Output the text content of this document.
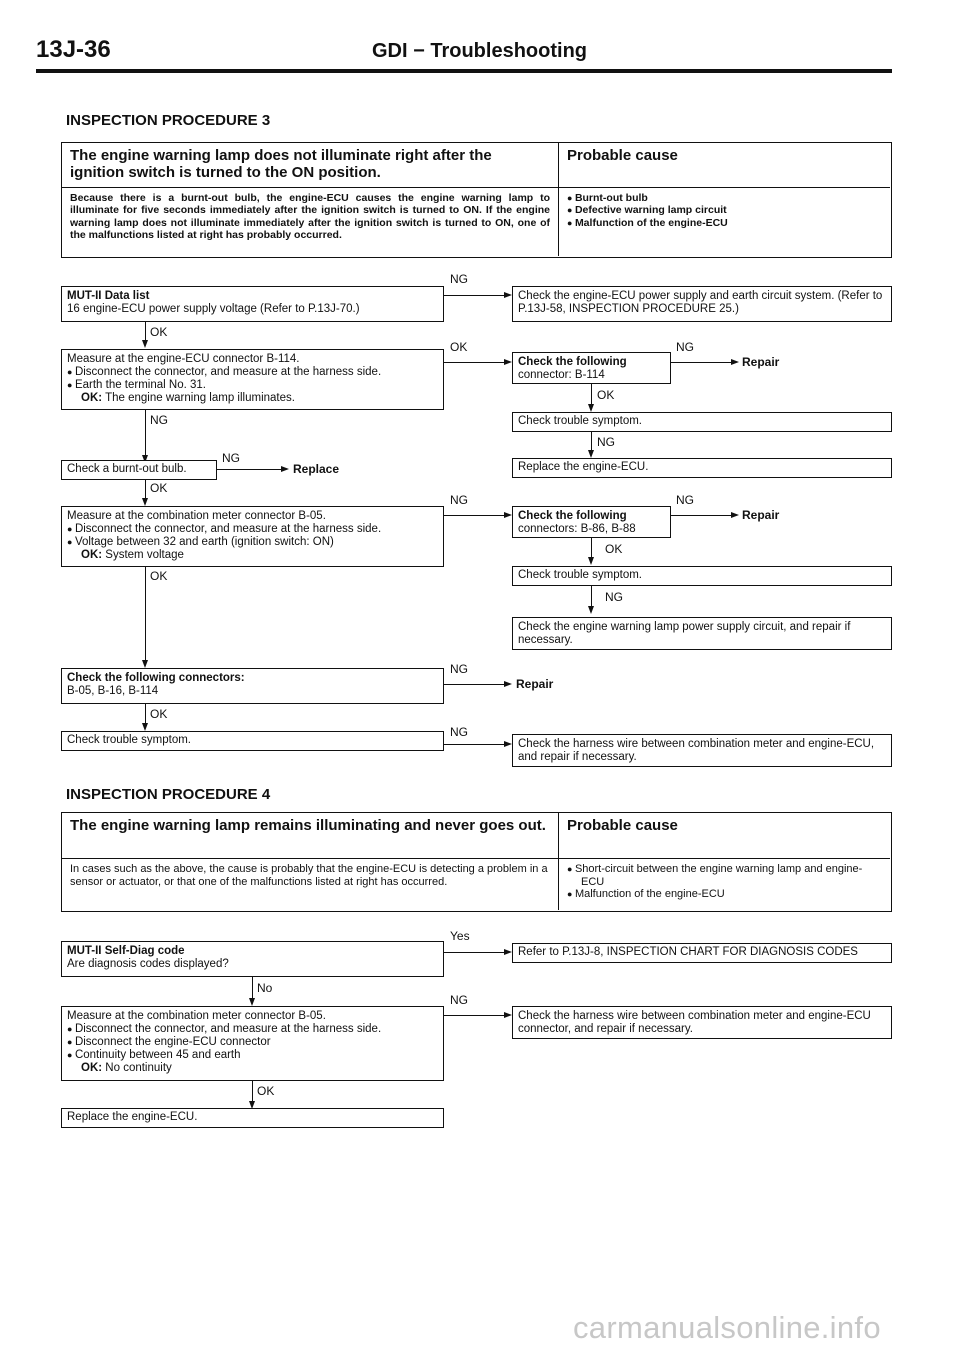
13J-36	GDI − Troubleshooting
INSPECTION PROCEDURE 3
The engine warning lamp does not illuminate right after the ignition switch is turned to the ON position.
Probable cause
Because there is a burnt-out bulb, the engine-ECU causes the engine warning lamp to illuminate for five seconds immediately after the ignition switch is turned to ON. If the engine warning lamp does not illuminate immediately after the ignition switch is turned to ON, one of the malfunctions listed at right has probably occurred.
● Burnt-out bulb
● Defective warning lamp circuit
● Malfunction of the engine-ECU
MUT-II Data list
16 engine-ECU power supply voltage (Refer to P.13J-70.)
NG
Check the engine-ECU power supply and earth circuit system. (Refer to P.13J-58, INSPECTION PROCEDURE 25.)
OK
Measure at the engine-ECU connector B-114.
● Disconnect the connector, and measure at the harness side.
● Earth the terminal No. 31.
OK: The engine warning lamp illuminates.
OK
Check the following
connector: B-114
NG
Repair
OK
Check trouble symptom.
NG
Replace the engine-ECU.
NG
Check a burnt-out bulb.
NG
Replace
OK
Measure at the combination meter connector B-05.
● Disconnect the connector, and measure at the harness side.
● Voltage between 32 and earth (ignition switch: ON)
OK: System voltage
NG
Check the following
connectors: B-86, B-88
NG
Repair
OK
Check trouble symptom.
NG
Check the engine warning lamp power supply circuit, and repair if necessary.
OK
Check the following connectors:
B-05, B-16, B-114
NG
Repair
OK
Check trouble symptom.
NG
Check the harness wire between combination meter and engine-ECU, and repair if necessary.
INSPECTION PROCEDURE 4
The engine warning lamp remains illuminating and never goes out.	Probable cause
In cases such as the above, the cause is probably that the engine-ECU is detecting a problem in a sensor or actuator, or that one of the malfunctions listed at right has occurred.
● Short-circuit between the engine warning lamp and engine-ECU
● Malfunction of the engine-ECU
MUT-II Self-Diag code
Are diagnosis codes displayed?
Yes
Refer to P.13J-8, INSPECTION CHART FOR DIAGNOSIS CODES
No
Measure at the combination meter connector B-05.
● Disconnect the connector, and measure at the harness side.
● Disconnect the engine-ECU connector
● Continuity between 45 and earth
OK: No continuity
NG
Check the harness wire between combination meter and engine-ECU connector, and repair if necessary.
OK
Replace the engine-ECU.
carmanualsonline.info
